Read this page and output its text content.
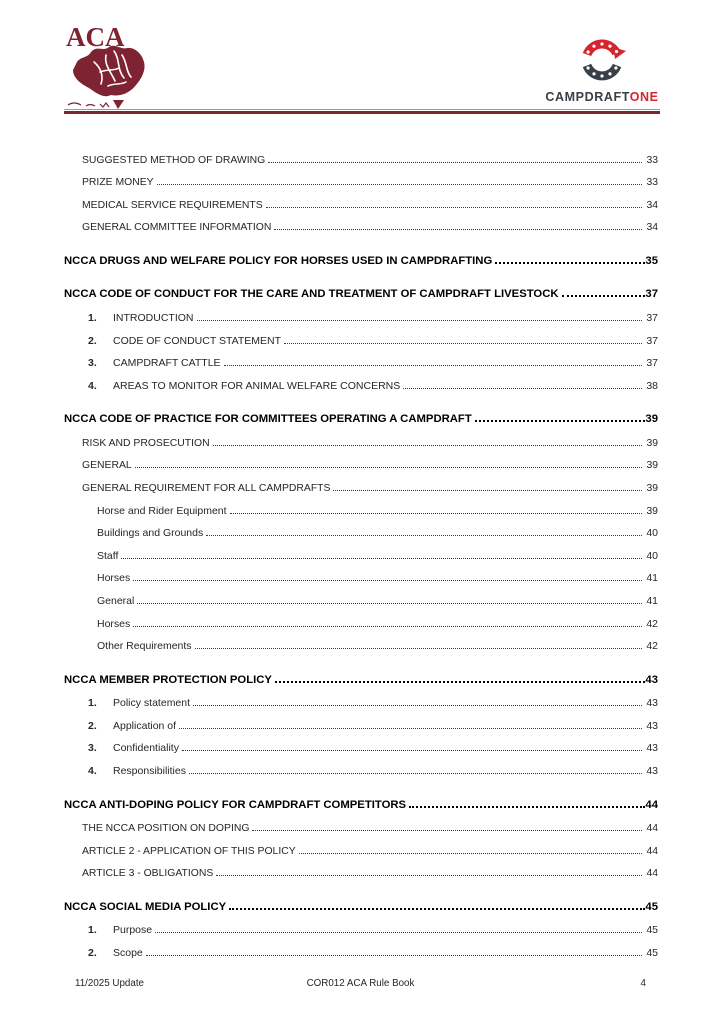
ACA
CAMPDRAFTONE
SUGGESTED METHOD OF DRAWING	33
PRIZE MONEY	33
MEDICAL SERVICE REQUIREMENTS	34
GENERAL COMMITTEE INFORMATION	34
NCCA DRUGS AND WELFARE POLICY FOR HORSES USED IN CAMPDRAFTING	35
NCCA CODE OF CONDUCT FOR THE CARE AND TREATMENT OF CAMPDRAFT LIVESTOCK	37
1.	INTRODUCTION	37
2.	CODE OF CONDUCT STATEMENT	37
3.	CAMPDRAFT CATTLE	37
4.	AREAS TO MONITOR FOR ANIMAL WELFARE CONCERNS	38
NCCA CODE OF PRACTICE FOR COMMITTEES OPERATING A CAMPDRAFT	39
RISK AND PROSECUTION	39
GENERAL	39
GENERAL REQUIREMENT FOR ALL CAMPDRAFTS	39
Horse and Rider Equipment	39
Buildings and Grounds	40
Staff	40
Horses	41
General	41
Horses	42
Other Requirements	42
NCCA MEMBER PROTECTION POLICY	43
1.	Policy statement	43
2.	Application of	43
3.	Confidentiality	43
4.	Responsibilities	43
NCCA ANTI-DOPING POLICY FOR CAMPDRAFT COMPETITORS	44
THE NCCA POSITION ON DOPING	44
ARTICLE 2 - APPLICATION OF THIS POLICY	44
ARTICLE 3 - OBLIGATIONS	44
NCCA SOCIAL MEDIA POLICY	45
1.	Purpose	45
2.	Scope	45
11/2025 Update	COR012 ACA Rule Book	4
